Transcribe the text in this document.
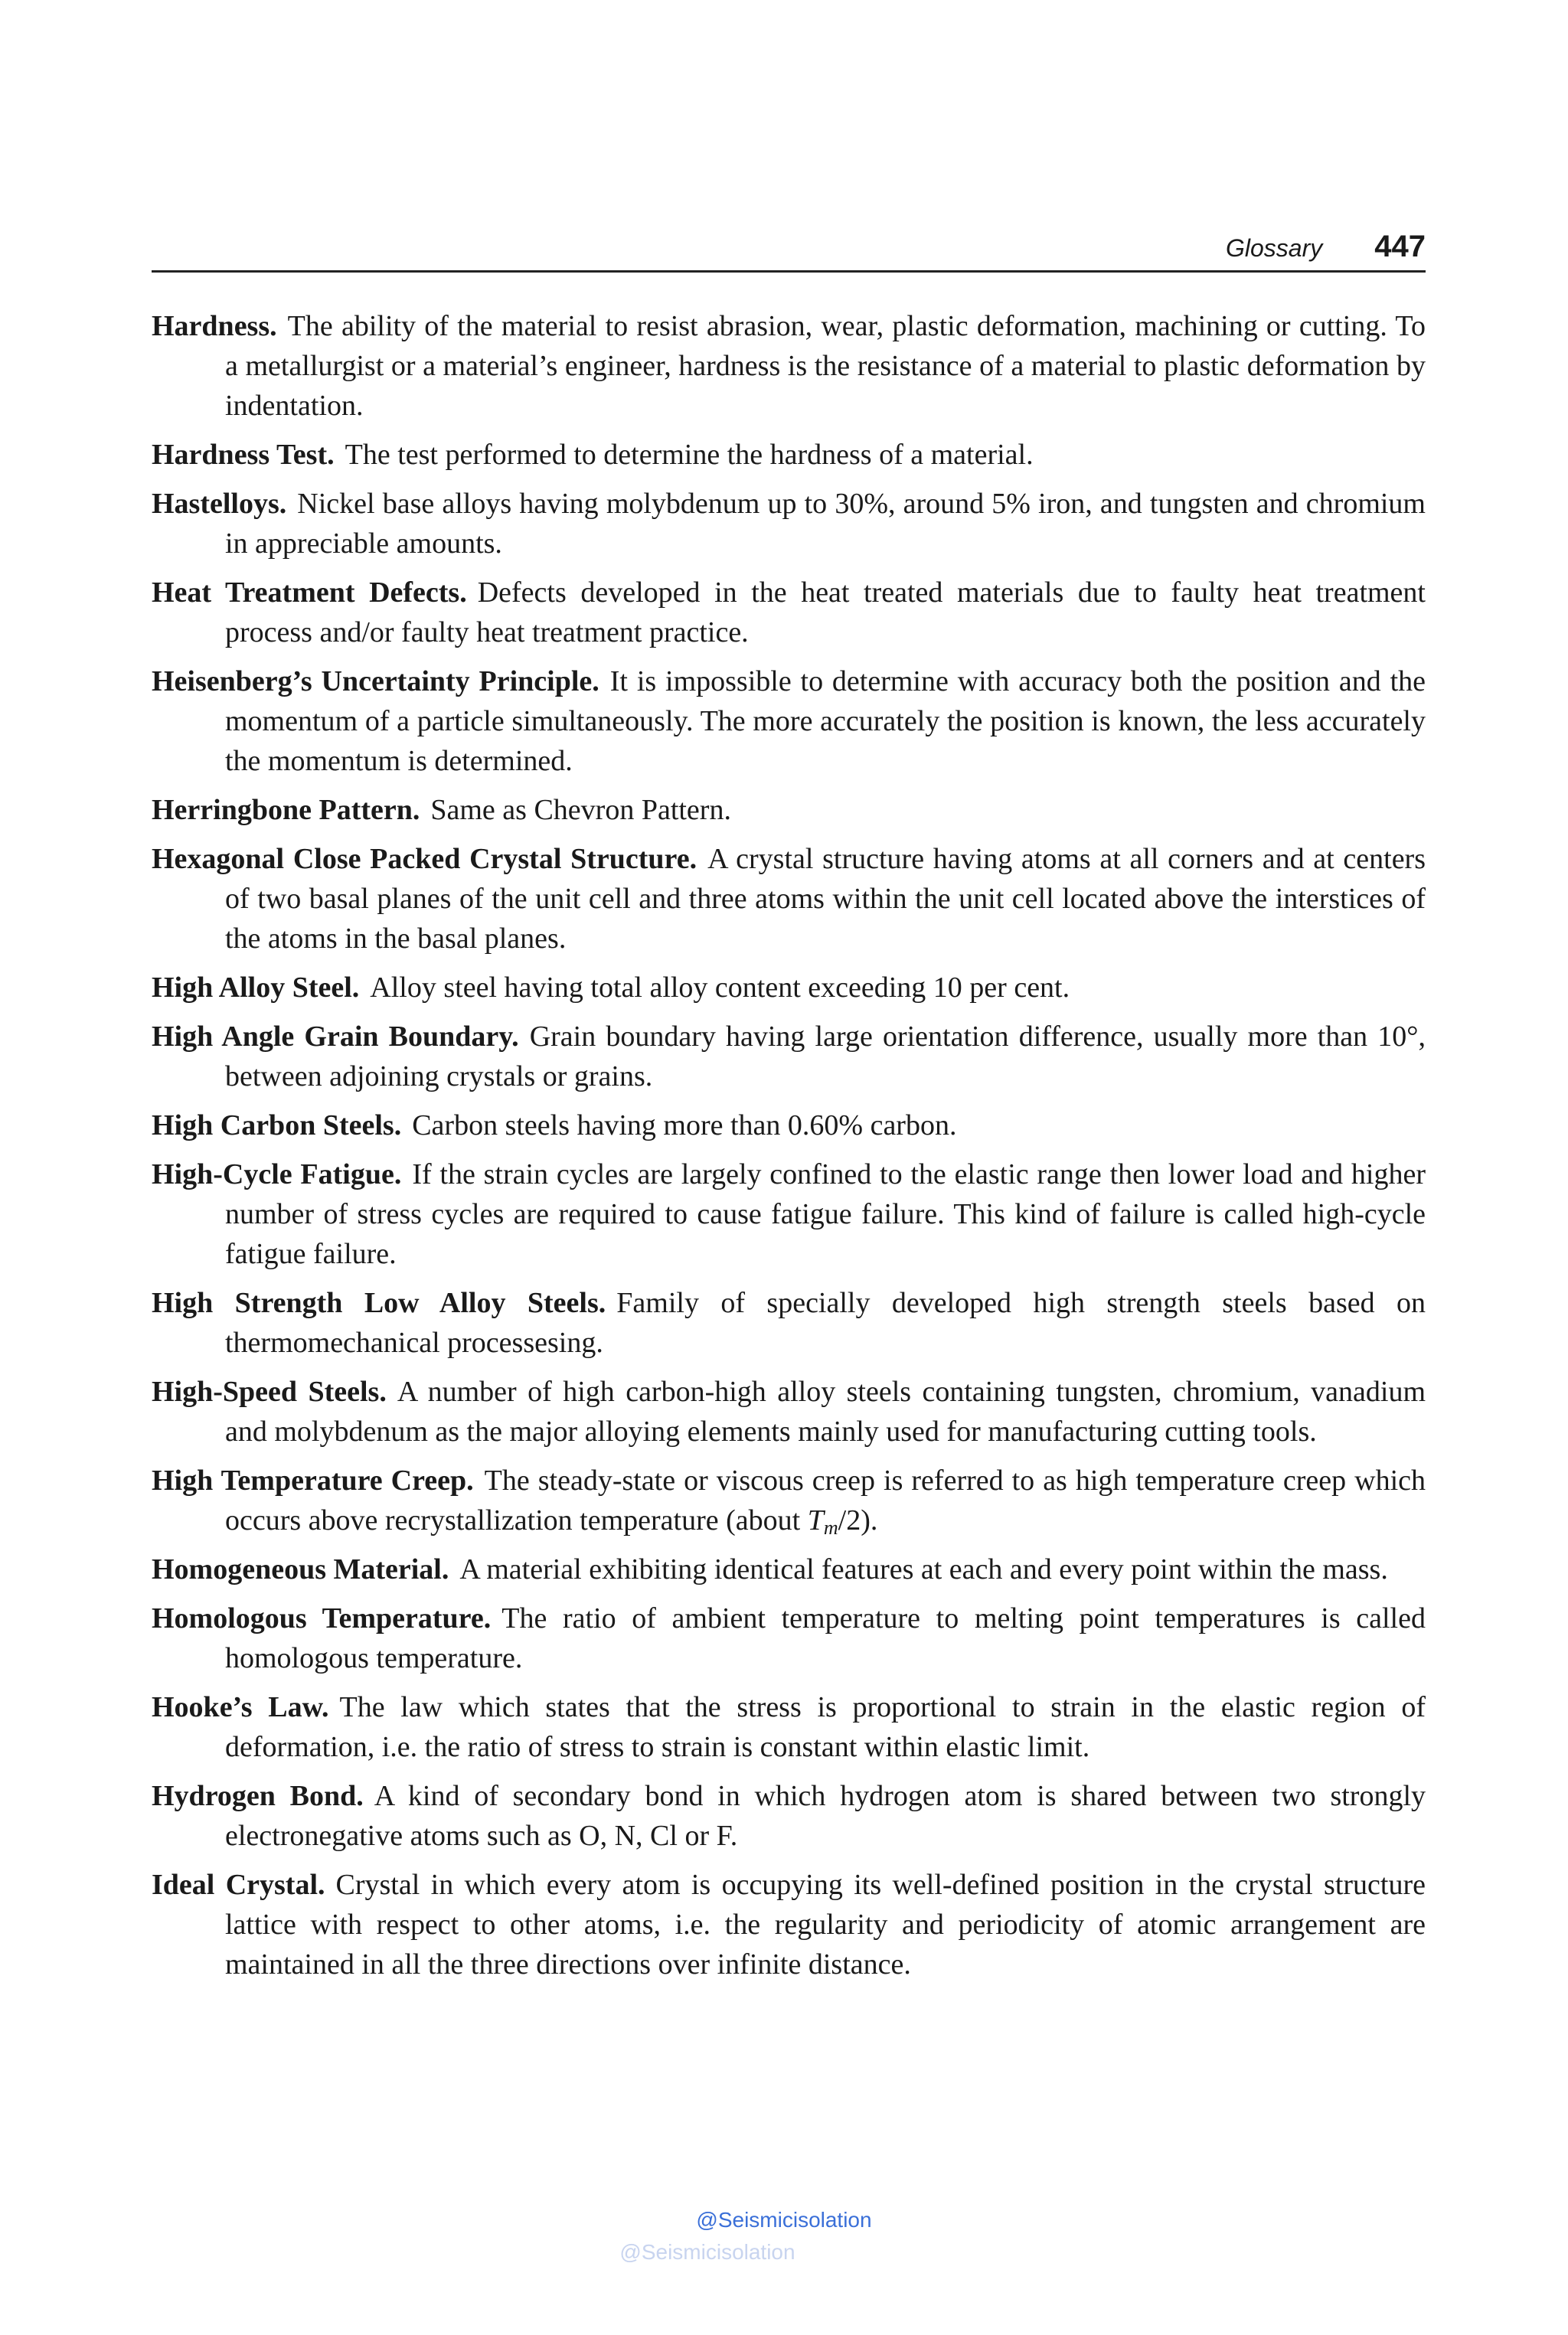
Glossary 447

Hardness. The ability of the material to resist abrasion, wear, plastic deformation, machining or cutting. To a metallurgist or a material’s engineer, hardness is the resistance of a material to plastic deformation by indentation.

Hardness Test. The test performed to determine the hardness of a material.

Hastelloys. Nickel base alloys having molybdenum up to 30%, around 5% iron, and tungsten and chromium in appreciable amounts.

Heat Treatment Defects. Defects developed in the heat treated materials due to faulty heat treatment process and/or faulty heat treatment practice.

Heisenberg’s Uncertainty Principle. It is impossible to determine with accuracy both the position and the momentum of a particle simultaneously. The more accurately the position is known, the less accurately the momentum is determined.

Herringbone Pattern. Same as Chevron Pattern.

Hexagonal Close Packed Crystal Structure. A crystal structure having atoms at all corners and at centers of two basal planes of the unit cell and three atoms within the unit cell located above the interstices of the atoms in the basal planes.

High Alloy Steel. Alloy steel having total alloy content exceeding 10 per cent.

High Angle Grain Boundary. Grain boundary having large orientation difference, usually more than 10°, between adjoining crystals or grains.

High Carbon Steels. Carbon steels having more than 0.60% carbon.

High-Cycle Fatigue. If the strain cycles are largely confined to the elastic range then lower load and higher number of stress cycles are required to cause fatigue failure. This kind of failure is called high-cycle fatigue failure.

High Strength Low Alloy Steels. Family of specially developed high strength steels based on thermomechanical processesing.

High-Speed Steels. A number of high carbon-high alloy steels containing tungsten, chromium, vanadium and molybdenum as the major alloying elements mainly used for manufacturing cutting tools.

High Temperature Creep. The steady-state or viscous creep is referred to as high temperature creep which occurs above recrystallization temperature (about $T_m/2$).

Homogeneous Material. A material exhibiting identical features at each and every point within the mass.

Homologous Temperature. The ratio of ambient temperature to melting point temperatures is called homologous temperature.

Hooke’s Law. The law which states that the stress is proportional to strain in the elastic region of deformation, i.e. the ratio of stress to strain is constant within elastic limit.

Hydrogen Bond. A kind of secondary bond in which hydrogen atom is shared between two strongly electronegative atoms such as O, N, Cl or F.

Ideal Crystal. Crystal in which every atom is occupying its well-defined position in the crystal structure lattice with respect to other atoms, i.e. the regularity and periodicity of atomic arrangement are maintained in all the three directions over infinite distance.

@Seismicisolation
@Seismicisolation
